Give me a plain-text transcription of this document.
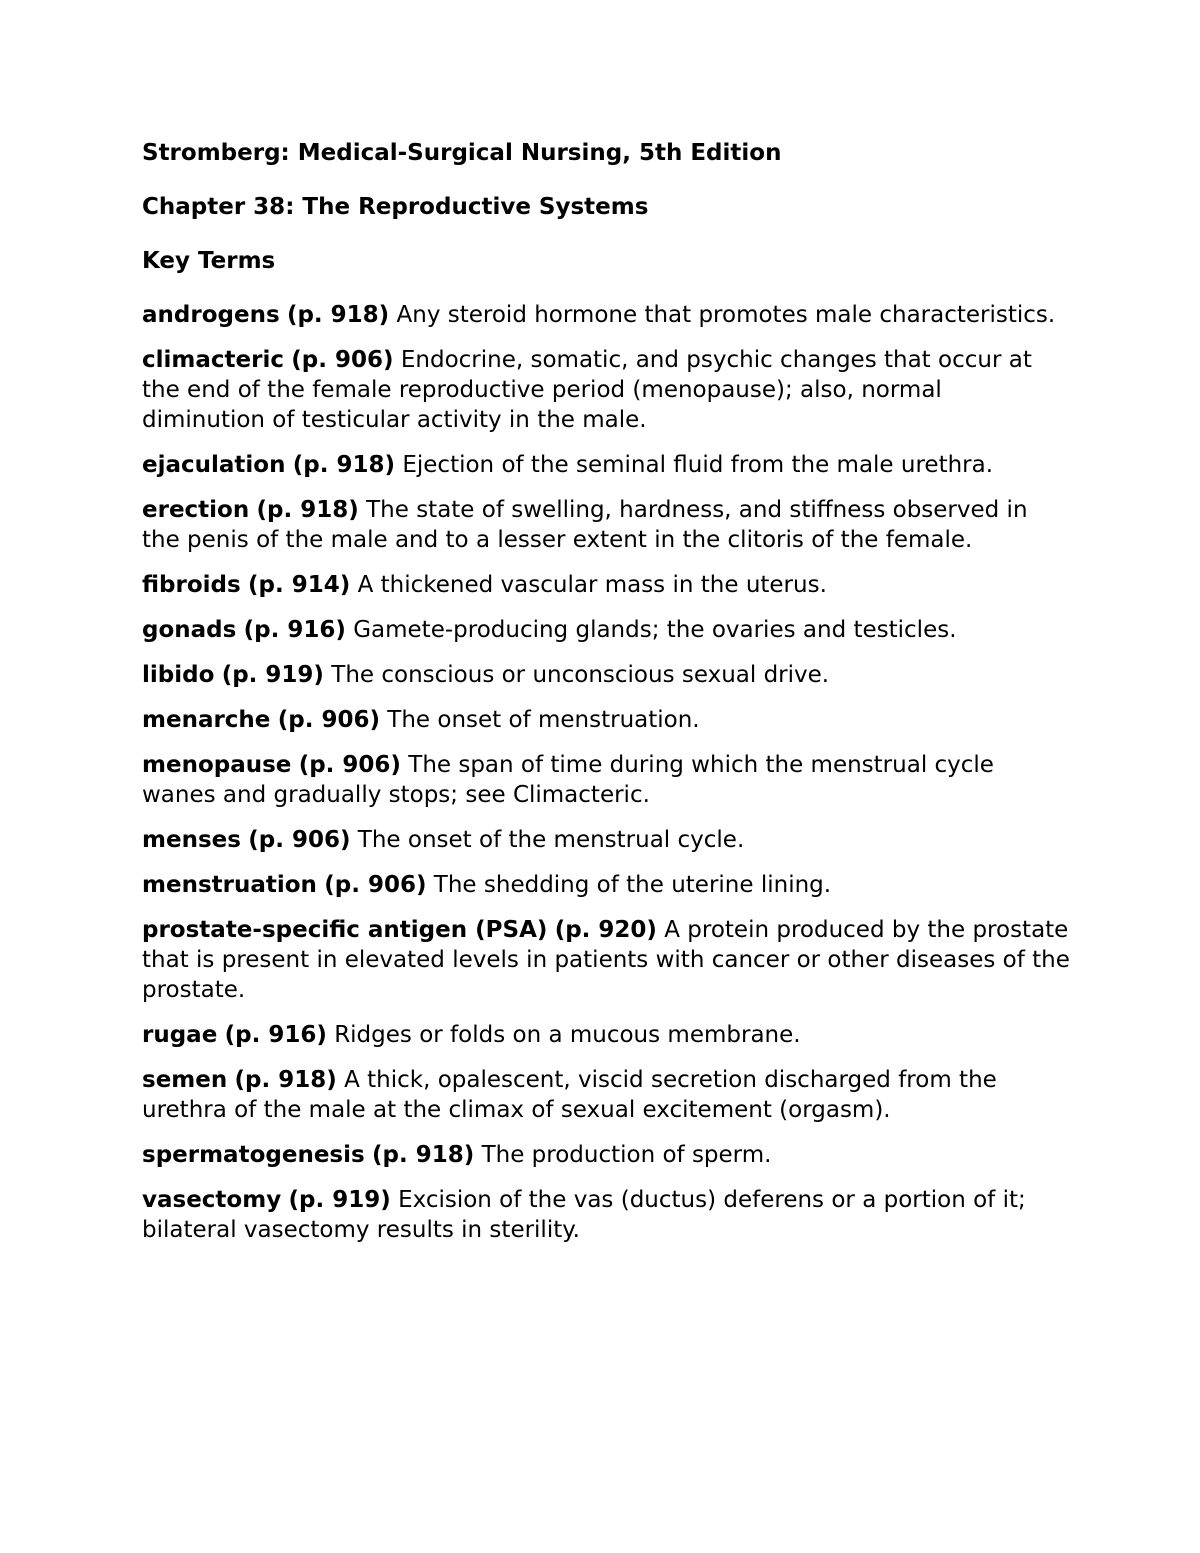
Stromberg: Medical-Surgical Nursing, 5th Edition

Chapter 38: The Reproductive Systems

Key Terms

androgens (p. 918) Any steroid hormone that promotes male characteristics.

climacteric (p. 906) Endocrine, somatic, and psychic changes that occur at the end of the female reproductive period (menopause); also, normal diminution of testicular activity in the male.

ejaculation (p. 918) Ejection of the seminal fluid from the male urethra.

erection (p. 918) The state of swelling, hardness, and stiffness observed in the penis of the male and to a lesser extent in the clitoris of the female.

fibroids (p. 914) A thickened vascular mass in the uterus.

gonads (p. 916) Gamete-producing glands; the ovaries and testicles.

libido (p. 919) The conscious or unconscious sexual drive.

menarche (p. 906) The onset of menstruation.

menopause (p. 906) The span of time during which the menstrual cycle wanes and gradually stops; see Climacteric.

menses (p. 906) The onset of the menstrual cycle.

menstruation (p. 906) The shedding of the uterine lining.

prostate-specific antigen (PSA) (p. 920) A protein produced by the prostate that is present in elevated levels in patients with cancer or other diseases of the prostate.

rugae (p. 916) Ridges or folds on a mucous membrane.

semen (p. 918) A thick, opalescent, viscid secretion discharged from the urethra of the male at the climax of sexual excitement (orgasm).

spermatogenesis (p. 918) The production of sperm.

vasectomy (p. 919) Excision of the vas (ductus) deferens or a portion of it; bilateral vasectomy results in sterility.
